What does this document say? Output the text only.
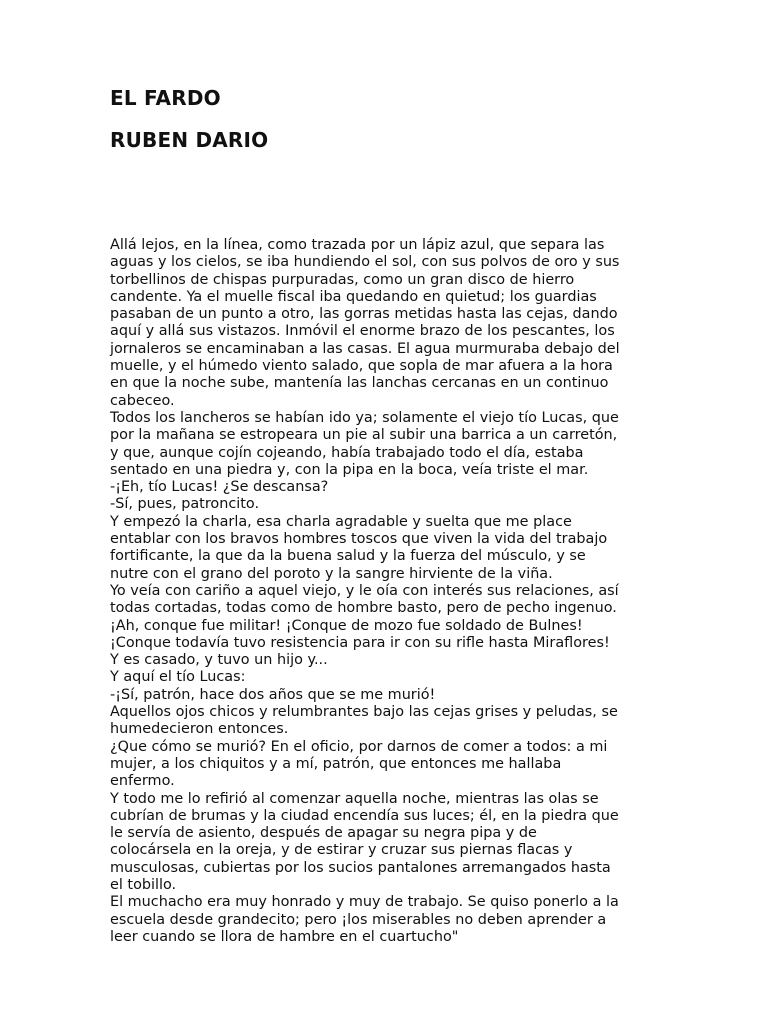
EL FARDO
RUBEN DARIO
Allá lejos, en la línea, como trazada por un lápiz azul, que separa las
aguas y los cielos, se iba hundiendo el sol, con sus polvos de oro y sus
torbellinos de chispas purpuradas, como un gran disco de hierro
candente. Ya el muelle fiscal iba quedando en quietud; los guardias
pasaban de un punto a otro, las gorras metidas hasta las cejas, dando
aquí y allá sus vistazos. Inmóvil el enorme brazo de los pescantes, los
jornaleros se encaminaban a las casas. El agua murmuraba debajo del
muelle, y el húmedo viento salado, que sopla de mar afuera a la hora
en que la noche sube, mantenía las lanchas cercanas en un continuo
cabeceo.
Todos los lancheros se habían ido ya; solamente el viejo tío Lucas, que
por la mañana se estropeara un pie al subir una barrica a un carretón,
y que, aunque cojín cojeando, había trabajado todo el día, estaba
sentado en una piedra y, con la pipa en la boca, veía triste el mar.
-¡Eh, tío Lucas! ¿Se descansa?
-Sí, pues, patroncito.
Y empezó la charla, esa charla agradable y suelta que me place
entablar con los bravos hombres toscos que viven la vida del trabajo
fortificante, la que da la buena salud y la fuerza del músculo, y se
nutre con el grano del poroto y la sangre hirviente de la viña.
Yo veía con cariño a aquel viejo, y le oía con interés sus relaciones, así
todas cortadas, todas como de hombre basto, pero de pecho ingenuo.
¡Ah, conque fue militar! ¡Conque de mozo fue soldado de Bulnes!
¡Conque todavía tuvo resistencia para ir con su rifle hasta Miraflores!
Y es casado, y tuvo un hijo y...
Y aquí el tío Lucas:
-¡Sí, patrón, hace dos años que se me murió!
Aquellos ojos chicos y relumbrantes bajo las cejas grises y peludas, se
humedecieron entonces.
¿Que cómo se murió? En el oficio, por darnos de comer a todos: a mi
mujer, a los chiquitos y a mí, patrón, que entonces me hallaba
enfermo.
Y todo me lo refirió al comenzar aquella noche, mientras las olas se
cubrían de brumas y la ciudad encendía sus luces; él, en la piedra que
le servía de asiento, después de apagar su negra pipa y de
colocársela en la oreja, y de estirar y cruzar sus piernas flacas y
musculosas, cubiertas por los sucios pantalones arremangados hasta
el tobillo.
El muchacho era muy honrado y muy de trabajo. Se quiso ponerlo a la
escuela desde grandecito; pero ¡los miserables no deben aprender a
leer cuando se llora de hambre en el cuartucho"
